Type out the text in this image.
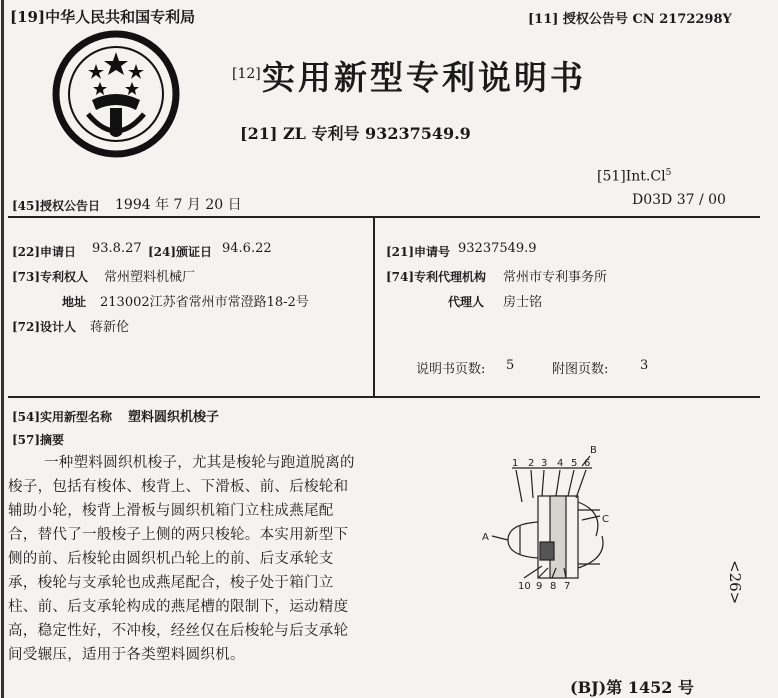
[19]中华人民共和国专利局	[11] 授权公告号 CN 2172298Y
[12] 实用新型专利说明书
[21] ZL 专利号 93237549.9
[51]Int.Cl$^5$
D03D 37 / 00
[45]授权公告日 1994 年 7 月 20 日
[22]申请日 93.8.27 [24]颁证日 94.6.22
[73]专利权人 常州塑料机械厂
地址 213002江苏省常州市常澄路18-2号
[72]设计人 蒋新伦
[21]申请号 93237549.9
[74]专利代理机构 常州市专利事务所
代理人 房士铭
说明书页数: 5	附图页数: 3
[54]实用新型名称 塑料圆织机梭子
[57]摘要
一种塑料圆织机梭子，尤其是梭轮与跑道脱离的
梭子，包括有梭体、梭背上、下滑板、前、后梭轮和
辅助小轮，梭背上滑板与圆织机箱门立柱成燕尾配
合，替代了一般梭子上侧的两只梭轮。本实用新型下
侧的前、后梭轮由圆织机凸轮上的前、后支承轮支
承，梭轮与支承轮也成燕尾配合，梭子处于箱门立
柱、前、后支承轮构成的燕尾槽的限制下，运动精度
高，稳定性好，不冲梭，经丝仅在后梭轮与后支承轮
间受辗压，适用于各类塑料圆织机。
1 2 3 4 5 6
B
A
C
10 9 8 7	<26>
(BJ)第 1452 号
